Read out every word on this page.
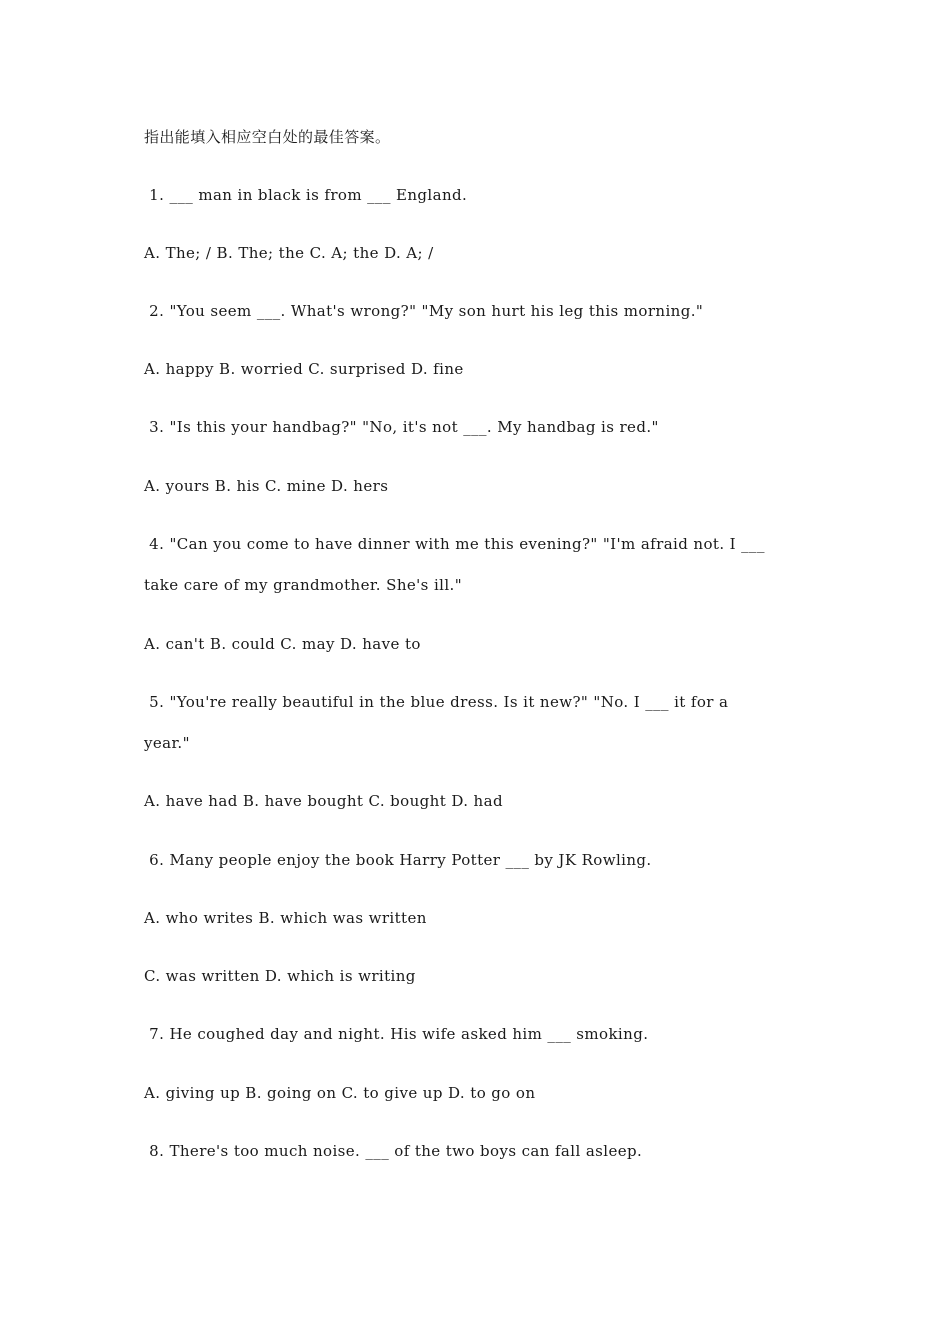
指出能填入相应空白处的最佳答案。
1. ___ man in black is from ___ England.
A. The; / B. The; the C. A; the D. A; /
2. "You seem ___. What's wrong?" "My son hurt his leg this morning."
A. happy B. worried C. surprised D. fine
3. "Is this your handbag?" "No, it's not ___. My handbag is red."
A. yours B. his C. mine D. hers
4. "Can you come to have dinner with me this evening?" "I'm afraid not. I ___
take care of my grandmother. She's ill."
A. can't B. could C. may D. have to
5. "You're really beautiful in the blue dress. Is it new?" "No. I ___ it for a
year."
A. have had B. have bought C. bought D. had
6. Many people enjoy the book Harry Potter ___ by JK Rowling.
A. who writes B. which was written
C. was written D. which is writing
7. He coughed day and night. His wife asked him ___ smoking.
A. giving up B. going on C. to give up D. to go on
8. There's too much noise. ___ of the two boys can fall asleep.
